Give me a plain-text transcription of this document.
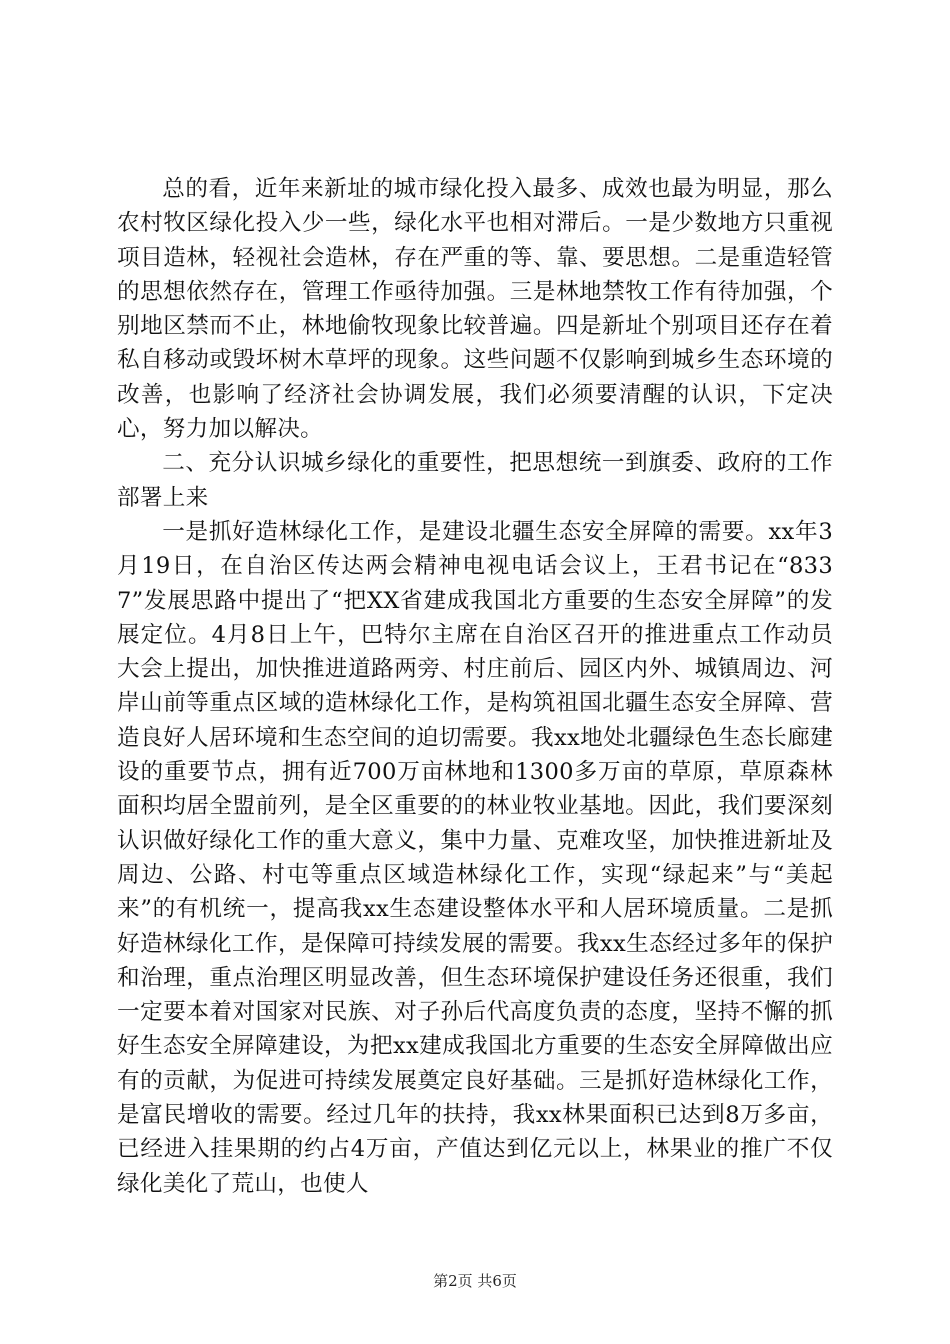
总的看，近年来新址的城市绿化投入最多、成效也最为明显，那么农村牧区绿化投入少一些，绿化水平也相对滞后。一是少数地方只重视项目造林，轻视社会造林，存在严重的等、靠、要思想。二是重造轻管的思想依然存在，管理工作亟待加强。三是林地禁牧工作有待加强，个别地区禁而不止，林地偷牧现象比较普遍。四是新址个别项目还存在着私自移动或毁坏树木草坪的现象。这些问题不仅影响到城乡生态环境的改善，也影响了经济社会协调发展，我们必须要清醒的认识，下定决心，努力加以解决。

二、充分认识城乡绿化的重要性，把思想统一到旗委、政府的工作部署上来

一是抓好造林绿化工作，是建设北疆生态安全屏障的需要。xx年3月19日，在自治区传达两会精神电视电话会议上，王君书记在“8337”发展思路中提出了“把XX省建成我国北方重要的生态安全屏障”的发展定位。4月8日上午，巴特尔主席在自治区召开的推进重点工作动员大会上提出，加快推进道路两旁、村庄前后、园区内外、城镇周边、河岸山前等重点区域的造林绿化工作，是构筑祖国北疆生态安全屏障、营造良好人居环境和生态空间的迫切需要。我xx地处北疆绿色生态长廊建设的重要节点，拥有近700万亩林地和1300多万亩的草原，草原森林面积均居全盟前列，是全区重要的的林业牧业基地。因此，我们要深刻认识做好绿化工作的重大意义，集中力量、克难攻坚，加快推进新址及周边、公路、村屯等重点区域造林绿化工作，实现“绿起来”与“美起来”的有机统一，提高我xx生态建设整体水平和人居环境质量。二是抓好造林绿化工作，是保障可持续发展的需要。我xx生态经过多年的保护和治理，重点治理区明显改善，但生态环境保护建设任务还很重，我们一定要本着对国家对民族、对子孙后代高度负责的态度，坚持不懈的抓好生态安全屏障建设，为把xx建成我国北方重要的生态安全屏障做出应有的贡献，为促进可持续发展奠定良好基础。三是抓好造林绿化工作，是富民增收的需要。经过几年的扶持，我xx林果面积已达到8万多亩，已经进入挂果期的约占4万亩，产值达到亿元以上，林果业的推广不仅绿化美化了荒山，也使人

第2页 共6页
